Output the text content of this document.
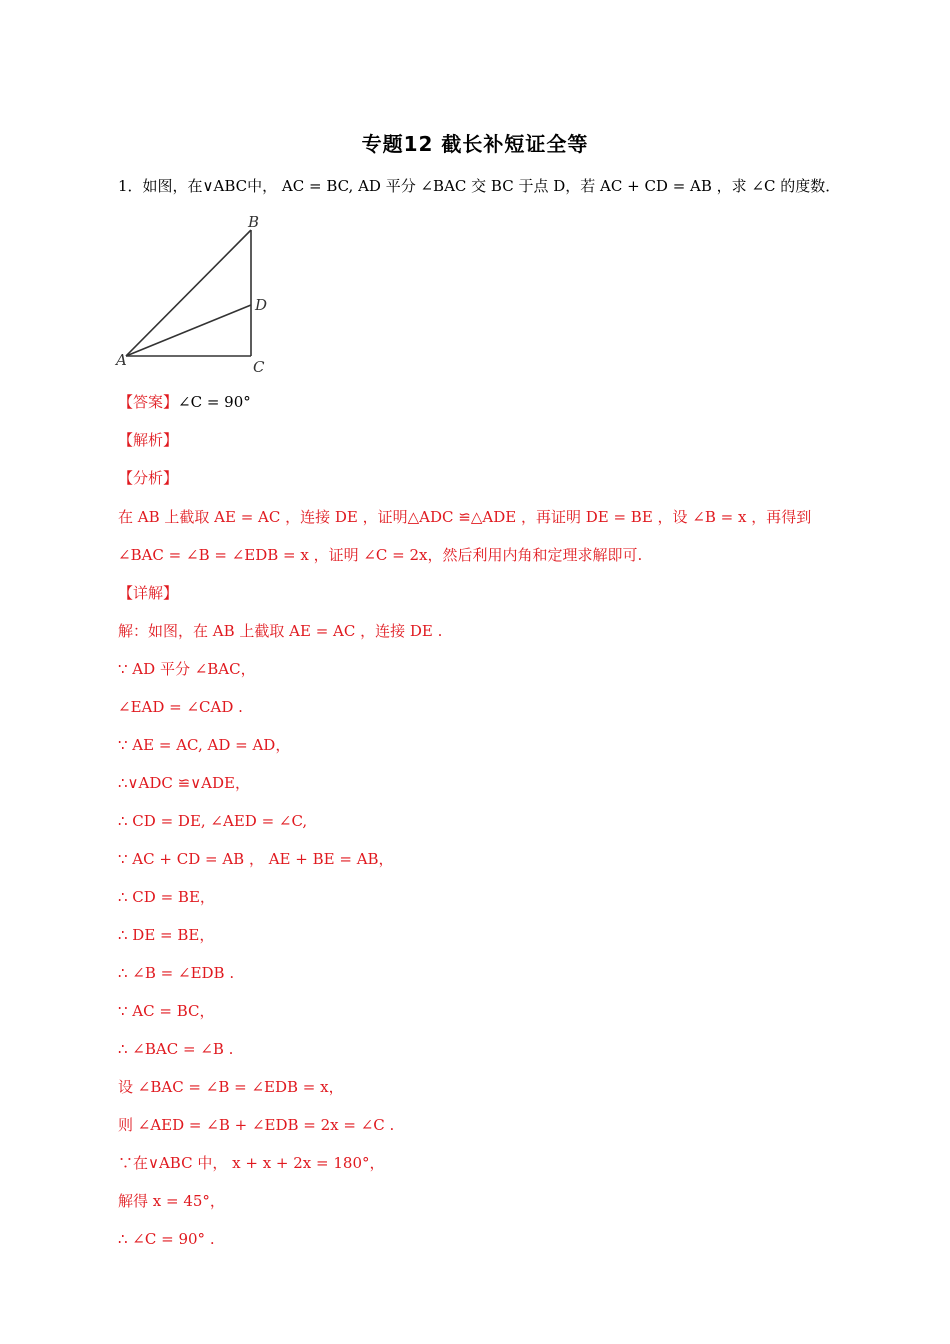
专题12 截长补短证全等
1．如图，在∨ABC中， AC = BC, AD 平分 ∠BAC 交 BC 于点 D，若 AC + CD = AB ，求 ∠C 的度数．
A
B
D
C
【答案】∠C = 90°
【解析】
【分析】
在 AB 上截取 AE = AC ，连接 DE ，证明△ADC ≌△ADE ，再证明 DE = BE ，设 ∠B = x ，再得到
∠BAC = ∠B = ∠EDB = x ，证明 ∠C = 2x，然后利用内角和定理求解即可.
【详解】
解：如图，在 AB 上截取 AE = AC ，连接 DE .
∵ AD 平分 ∠BAC，
∠EAD = ∠CAD .
∵ AE = AC, AD = AD，
∴∨ADC ≌∨ADE，
∴ CD = DE, ∠AED = ∠C,
∵ AC + CD = AB ， AE + BE = AB，
∴ CD = BE，
∴ DE = BE，
∴ ∠B = ∠EDB .
∵ AC = BC，
∴ ∠BAC = ∠B .
设 ∠BAC = ∠B = ∠EDB = x，
则 ∠AED = ∠B + ∠EDB = 2x = ∠C .
∵在∨ABC 中， x + x + 2x = 180°，
解得 x = 45°，
∴ ∠C = 90° .
